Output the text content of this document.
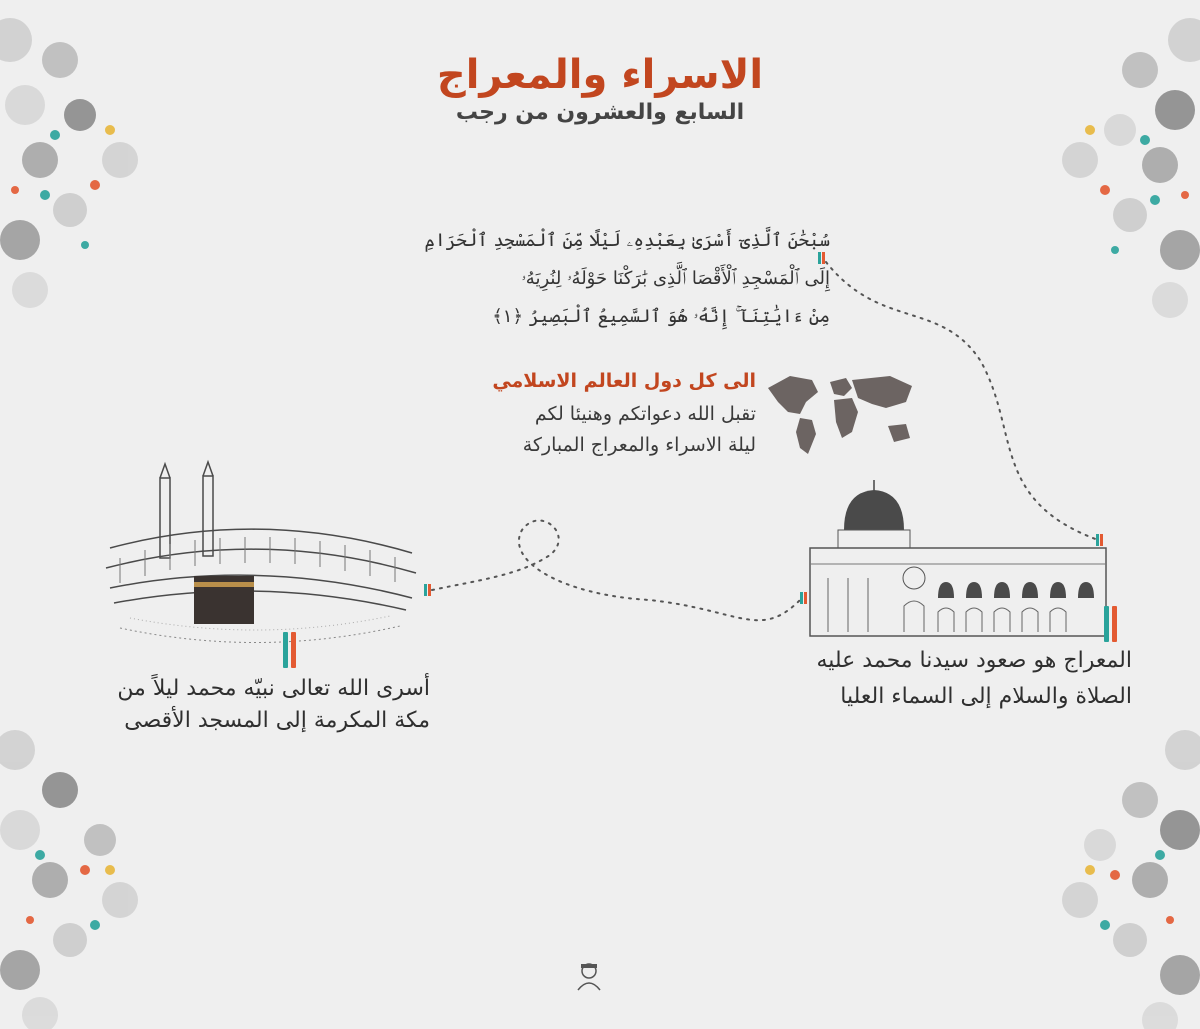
الاسراء والمعراج
السابع والعشرون من رجب
سُبْحَٰنَ ٱلَّذِىٓ أَسْرَىٰ بِعَبْدِهِۦ لَيْلًا مِّنَ ٱلْمَسْجِدِ ٱلْحَرَامِ
إِلَى ٱلْمَسْجِدِ ٱلْأَقْصَا ٱلَّذِى بَٰرَكْنَا حَوْلَهُۥ لِنُرِيَهُۥ
مِنْ ءَايَٰتِنَآ ۚ إِنَّهُۥ هُوَ ٱلسَّمِيعُ ٱلْبَصِيرُ ﴿١﴾
الى كل دول العالم الاسلامي
تقبل الله دعواتكم وهنيئا لكم
ليلة الاسراء والمعراج المباركة
أسرى الله تعالى نبيّه محمد ليلاً من
مكة المكرمة إلى المسجد الأقصى
المعراج هو صعود سيدنا محمد عليه
الصلاة والسلام إلى السماء العليا
